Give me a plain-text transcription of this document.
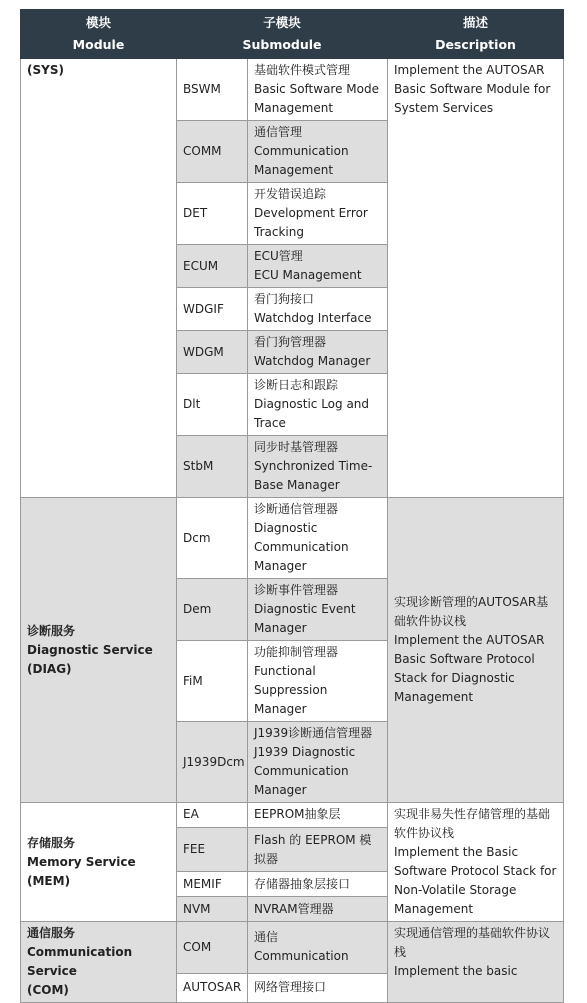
模块
Module	子模块
Submodule		描述
Description

(SYS)	BSWM	基础软件模式管理
Basic Software Mode Management	Implement the AUTOSAR Basic Software Module for System Services
	COMM	通信管理
Communication Management	

	DET	开发错误追踪
Development Error Tracking	

	ECUM	ECU管理
ECU Management	

	WDGIF	看门狗接口
Watchdog Interface	

	WDGM	看门狗管理器
Watchdog Manager	

	Dlt	诊断日志和跟踪
Diagnostic Log and Trace	

	StbM	同步时基管理器
Synchronized Time-Base Manager	

诊断服务
Diagnostic Service
(DIAG)	Dcm	诊断通信管理器
Diagnostic Communication Manager	实现诊断管理的AUTOSAR基础软件协议栈
Implement the AUTOSAR Basic Software Protocol Stack for Diagnostic Management

	Dem	诊断事件管理器
Diagnostic Event Manager	

	FiM	功能抑制管理器
Functional Suppression Manager	

	J1939Dcm	J1939诊断通信管理器
J1939 Diagnostic Communication Manager	

存储服务
Memory Service
(MEM)	EA	EEPROM抽象层	实现非易失性存储管理的基础软件协议栈
Implement the Basic Software Protocol Stack for Non-Volatile Storage Management

	FEE	Flash 的 EEPROM 模拟器	
	MEMIF	存储器抽象层接口	
	NVM	NVRAM管理器	

通信服务
Communication Service
(COM)	COM	通信
Communication	实现通信管理的基础软件协议栈
Implement the basic

	AUTOSAR	网络管理接口	
